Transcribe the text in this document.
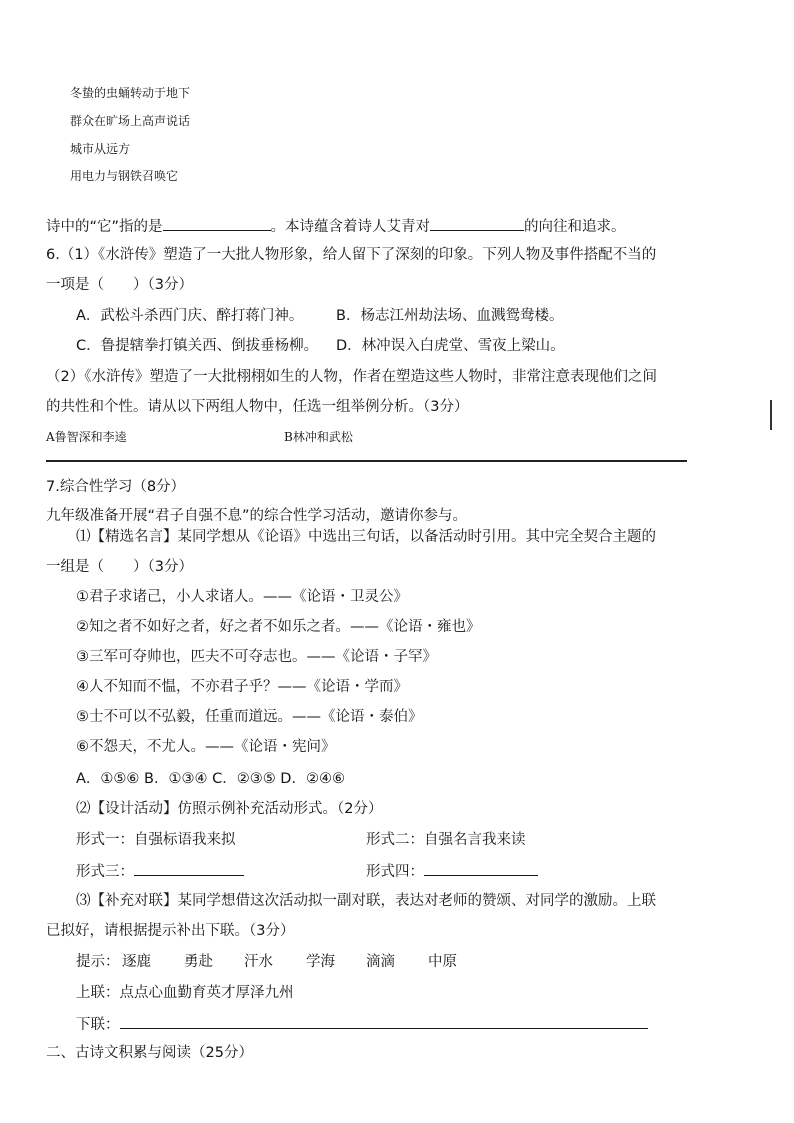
冬蛰的虫蛹转动于地下
群众在旷场上高声说话
城市从远方
用电力与钢铁召唤它
诗中的“它”指的是	。本诗蕴含着诗人艾青对	的向往和追求。
6.（1）《水浒传》塑造了一大批人物形象，给人留下了深刻的印象。下列人物及事件搭配不当的
一项是（　　）（3分）
A．武松斗杀西门庆、醉打蒋门神。 B．杨志江州劫法场、血溅鸳鸯楼。
C．鲁提辖拳打镇关西、倒拔垂杨柳。 D．林冲误入白虎堂、雪夜上梁山。
（2）《水浒传》塑造了一大批栩栩如生的人物，作者在塑造这些人物时，非常注意表现他们之间
的共性和个性。请从以下两组人物中，任选一组举例分析。（3分）
A鲁智深和李逵	B林冲和武松
7.综合性学习（8分）
九年级准备开展“君子自强不息”的综合性学习活动，邀请你参与。
⑴【精选名言】某同学想从《论语》中选出三句话，以备活动时引用。其中完全契合主题的
一组是（　　）（3分）
①君子求诸己，小人求诸人。——《论语・卫灵公》
②知之者不如好之者，好之者不如乐之者。——《论语・雍也》
③三军可夺帅也，匹夫不可夺志也。——《论语・子罕》
④人不知而不愠，不亦君子乎？——《论语・学而》
⑤士不可以不弘毅，任重而道远。——《论语・泰伯》
⑥不怨天，不尤人。——《论语・宪问》
A．①⑤⑥ B．①③④ C．②③⑤ D．②④⑥
⑵【设计活动】仿照示例补充活动形式。（2分）
形式一：自强标语我来拟	形式二：自强名言我来读
形式三：	形式四：
⑶【补充对联】某同学想借这次活动拟一副对联，表达对老师的赞颂、对同学的激励。上联
已拟好，请根据提示补出下联。（3分）
提示： 逐鹿 勇赴 汗水 学海 滴滴 中原
上联：点点心血勤育英才厚泽九州
下联：
二、古诗文积累与阅读（25分）
